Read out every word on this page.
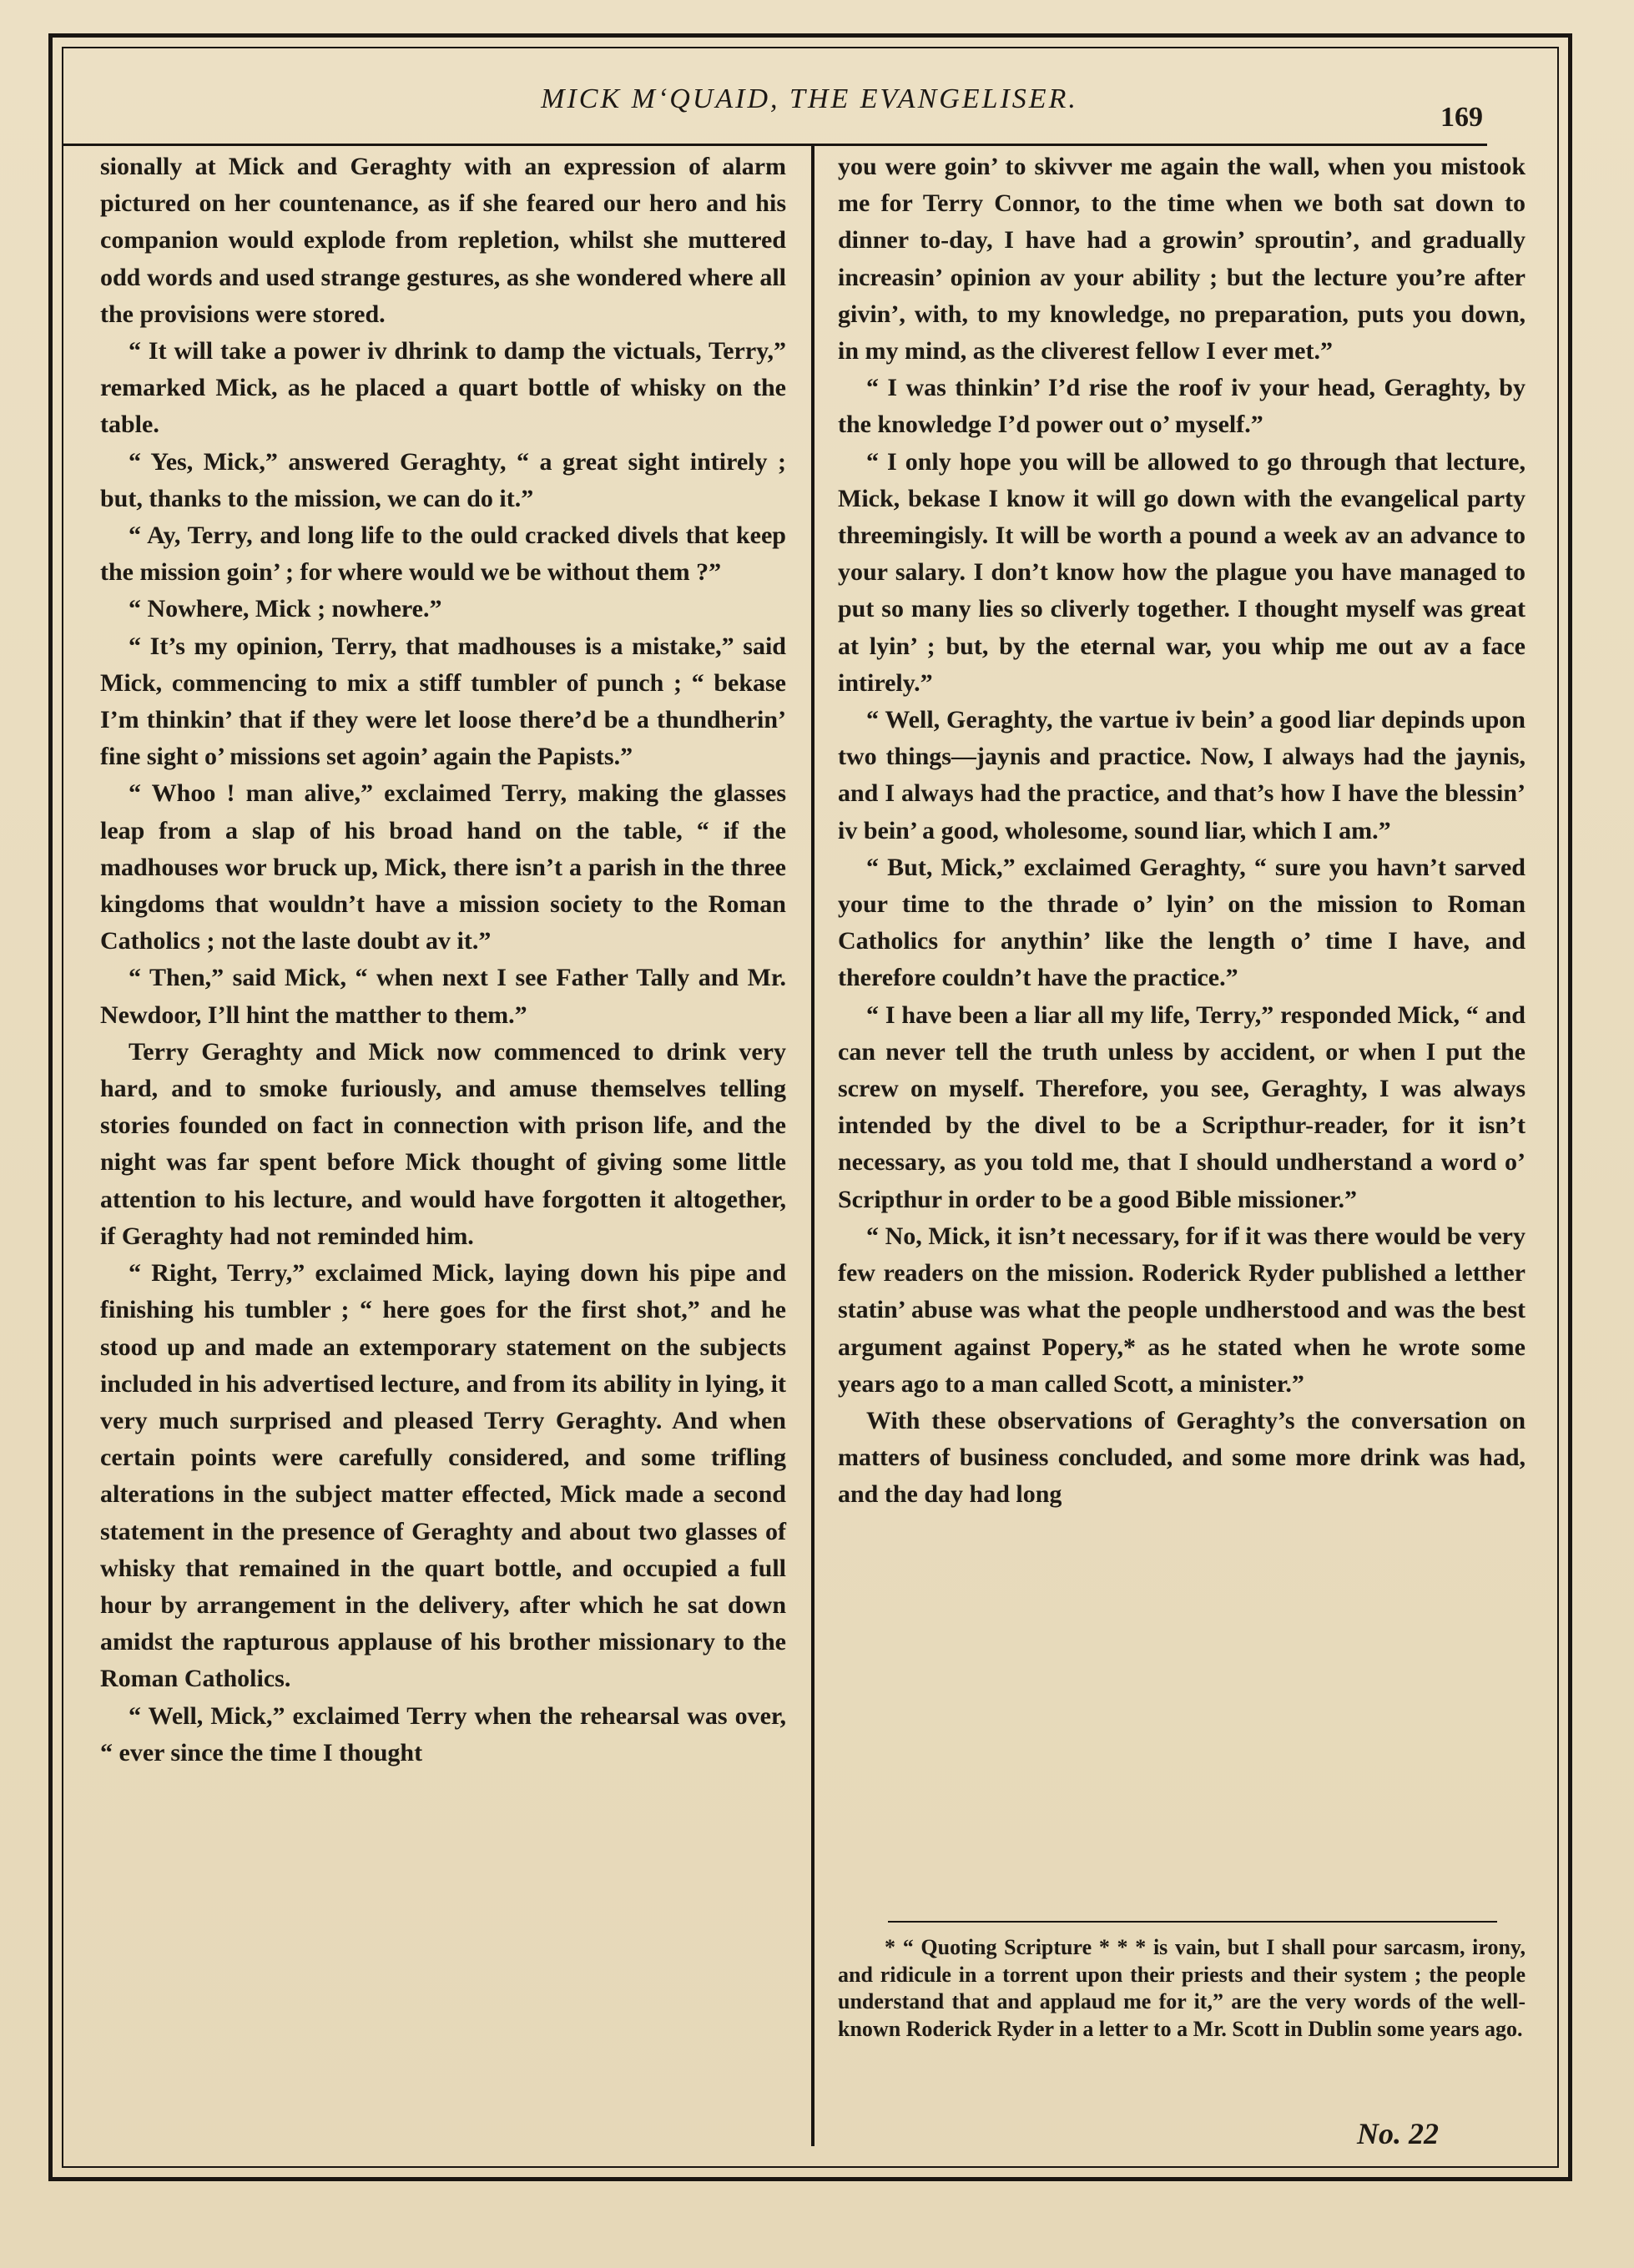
MICK M‘QUAID, THE EVANGELISER.
169

sionally at Mick and Geraghty with an expression of alarm pictured on her countenance, as if she feared our hero and his companion would explode from repletion, whilst she muttered odd words and used strange gestures, as she wondered where all the provisions were stored.

“ It will take a power iv dhrink to damp the victuals, Terry,” remarked Mick, as he placed a quart bottle of whisky on the table.

“ Yes, Mick,” answered Geraghty, “ a great sight intirely ; but, thanks to the mission, we can do it.”

“ Ay, Terry, and long life to the ould cracked divels that keep the mission goin’ ; for where would we be without them ?”

“ Nowhere, Mick ; nowhere.”

“ It’s my opinion, Terry, that madhouses is a mistake,” said Mick, commencing to mix a stiff tumbler of punch ; “ bekase I’m thinkin’ that if they were let loose there’d be a thundherin’ fine sight o’ missions set agoin’ again the Papists.”

“ Whoo ! man alive,” exclaimed Terry, making the glasses leap from a slap of his broad hand on the table, “ if the madhouses wor bruck up, Mick, there isn’t a parish in the three kingdoms that wouldn’t have a mission society to the Roman Catholics ; not the laste doubt av it.”

“ Then,” said Mick, “ when next I see Father Tally and Mr. Newdoor, I’ll hint the matther to them.”

Terry Geraghty and Mick now commenced to drink very hard, and to smoke furiously, and amuse themselves telling stories founded on fact in connection with prison life, and the night was far spent before Mick thought of giving some little attention to his lecture, and would have forgotten it altogether, if Geraghty had not reminded him.

“ Right, Terry,” exclaimed Mick, laying down his pipe and finishing his tumbler ; “ here goes for the first shot,” and he stood up and made an extemporary statement on the subjects included in his advertised lecture, and from its ability in lying, it very much surprised and pleased Terry Geraghty. And when certain points were carefully considered, and some trifling alterations in the subject matter effected, Mick made a second statement in the presence of Geraghty and about two glasses of whisky that remained in the quart bottle, and occupied a full hour by arrangement in the delivery, after which he sat down amidst the rapturous applause of his brother missionary to the Roman Catholics.

“ Well, Mick,” exclaimed Terry when the rehearsal was over, “ ever since the time I thought

you were goin’ to skivver me again the wall, when you mistook me for Terry Connor, to the time when we both sat down to dinner to-day, I have had a growin’ sproutin’, and gradually increasin’ opinion av your ability ; but the lecture you’re after givin’, with, to my knowledge, no preparation, puts you down, in my mind, as the cliverest fellow I ever met.”

“ I was thinkin’ I’d rise the roof iv your head, Geraghty, by the knowledge I’d power out o’ myself.”

“ I only hope you will be allowed to go through that lecture, Mick, bekase I know it will go down with the evangelical party threemingisly. It will be worth a pound a week av an advance to your salary. I don’t know how the plague you have managed to put so many lies so cliverly together. I thought myself was great at lyin’ ; but, by the eternal war, you whip me out av a face intirely.”

“ Well, Geraghty, the vartue iv bein’ a good liar depinds upon two things—jaynis and practice. Now, I always had the jaynis, and I always had the practice, and that’s how I have the blessin’ iv bein’ a good, wholesome, sound liar, which I am.”

“ But, Mick,” exclaimed Geraghty, “ sure you havn’t sarved your time to the thrade o’ lyin’ on the mission to Roman Catholics for anythin’ like the length o’ time I have, and therefore couldn’t have the practice.”

“ I have been a liar all my life, Terry,” responded Mick, “ and can never tell the truth unless by accident, or when I put the screw on myself. Therefore, you see, Geraghty, I was always intended by the divel to be a Scripthur-reader, for it isn’t necessary, as you told me, that I should undherstand a word o’ Scripthur in order to be a good Bible missioner.”

“ No, Mick, it isn’t necessary, for if it was there would be very few readers on the mission. Roderick Ryder published a letther statin’ abuse was what the people undherstood and was the best argument against Popery,* as he stated when he wrote some years ago to a man called Scott, a minister.”

With these observations of Geraghty’s the conversation on matters of business concluded, and some more drink was had, and the day had long

* “ Quoting Scripture * * * is vain, but I shall pour sarcasm, irony, and ridicule in a torrent upon their priests and their system ; the people understand that and applaud me for it,” are the very words of the well-known Roderick Ryder in a letter to a Mr. Scott in Dublin some years ago.
No. 22
